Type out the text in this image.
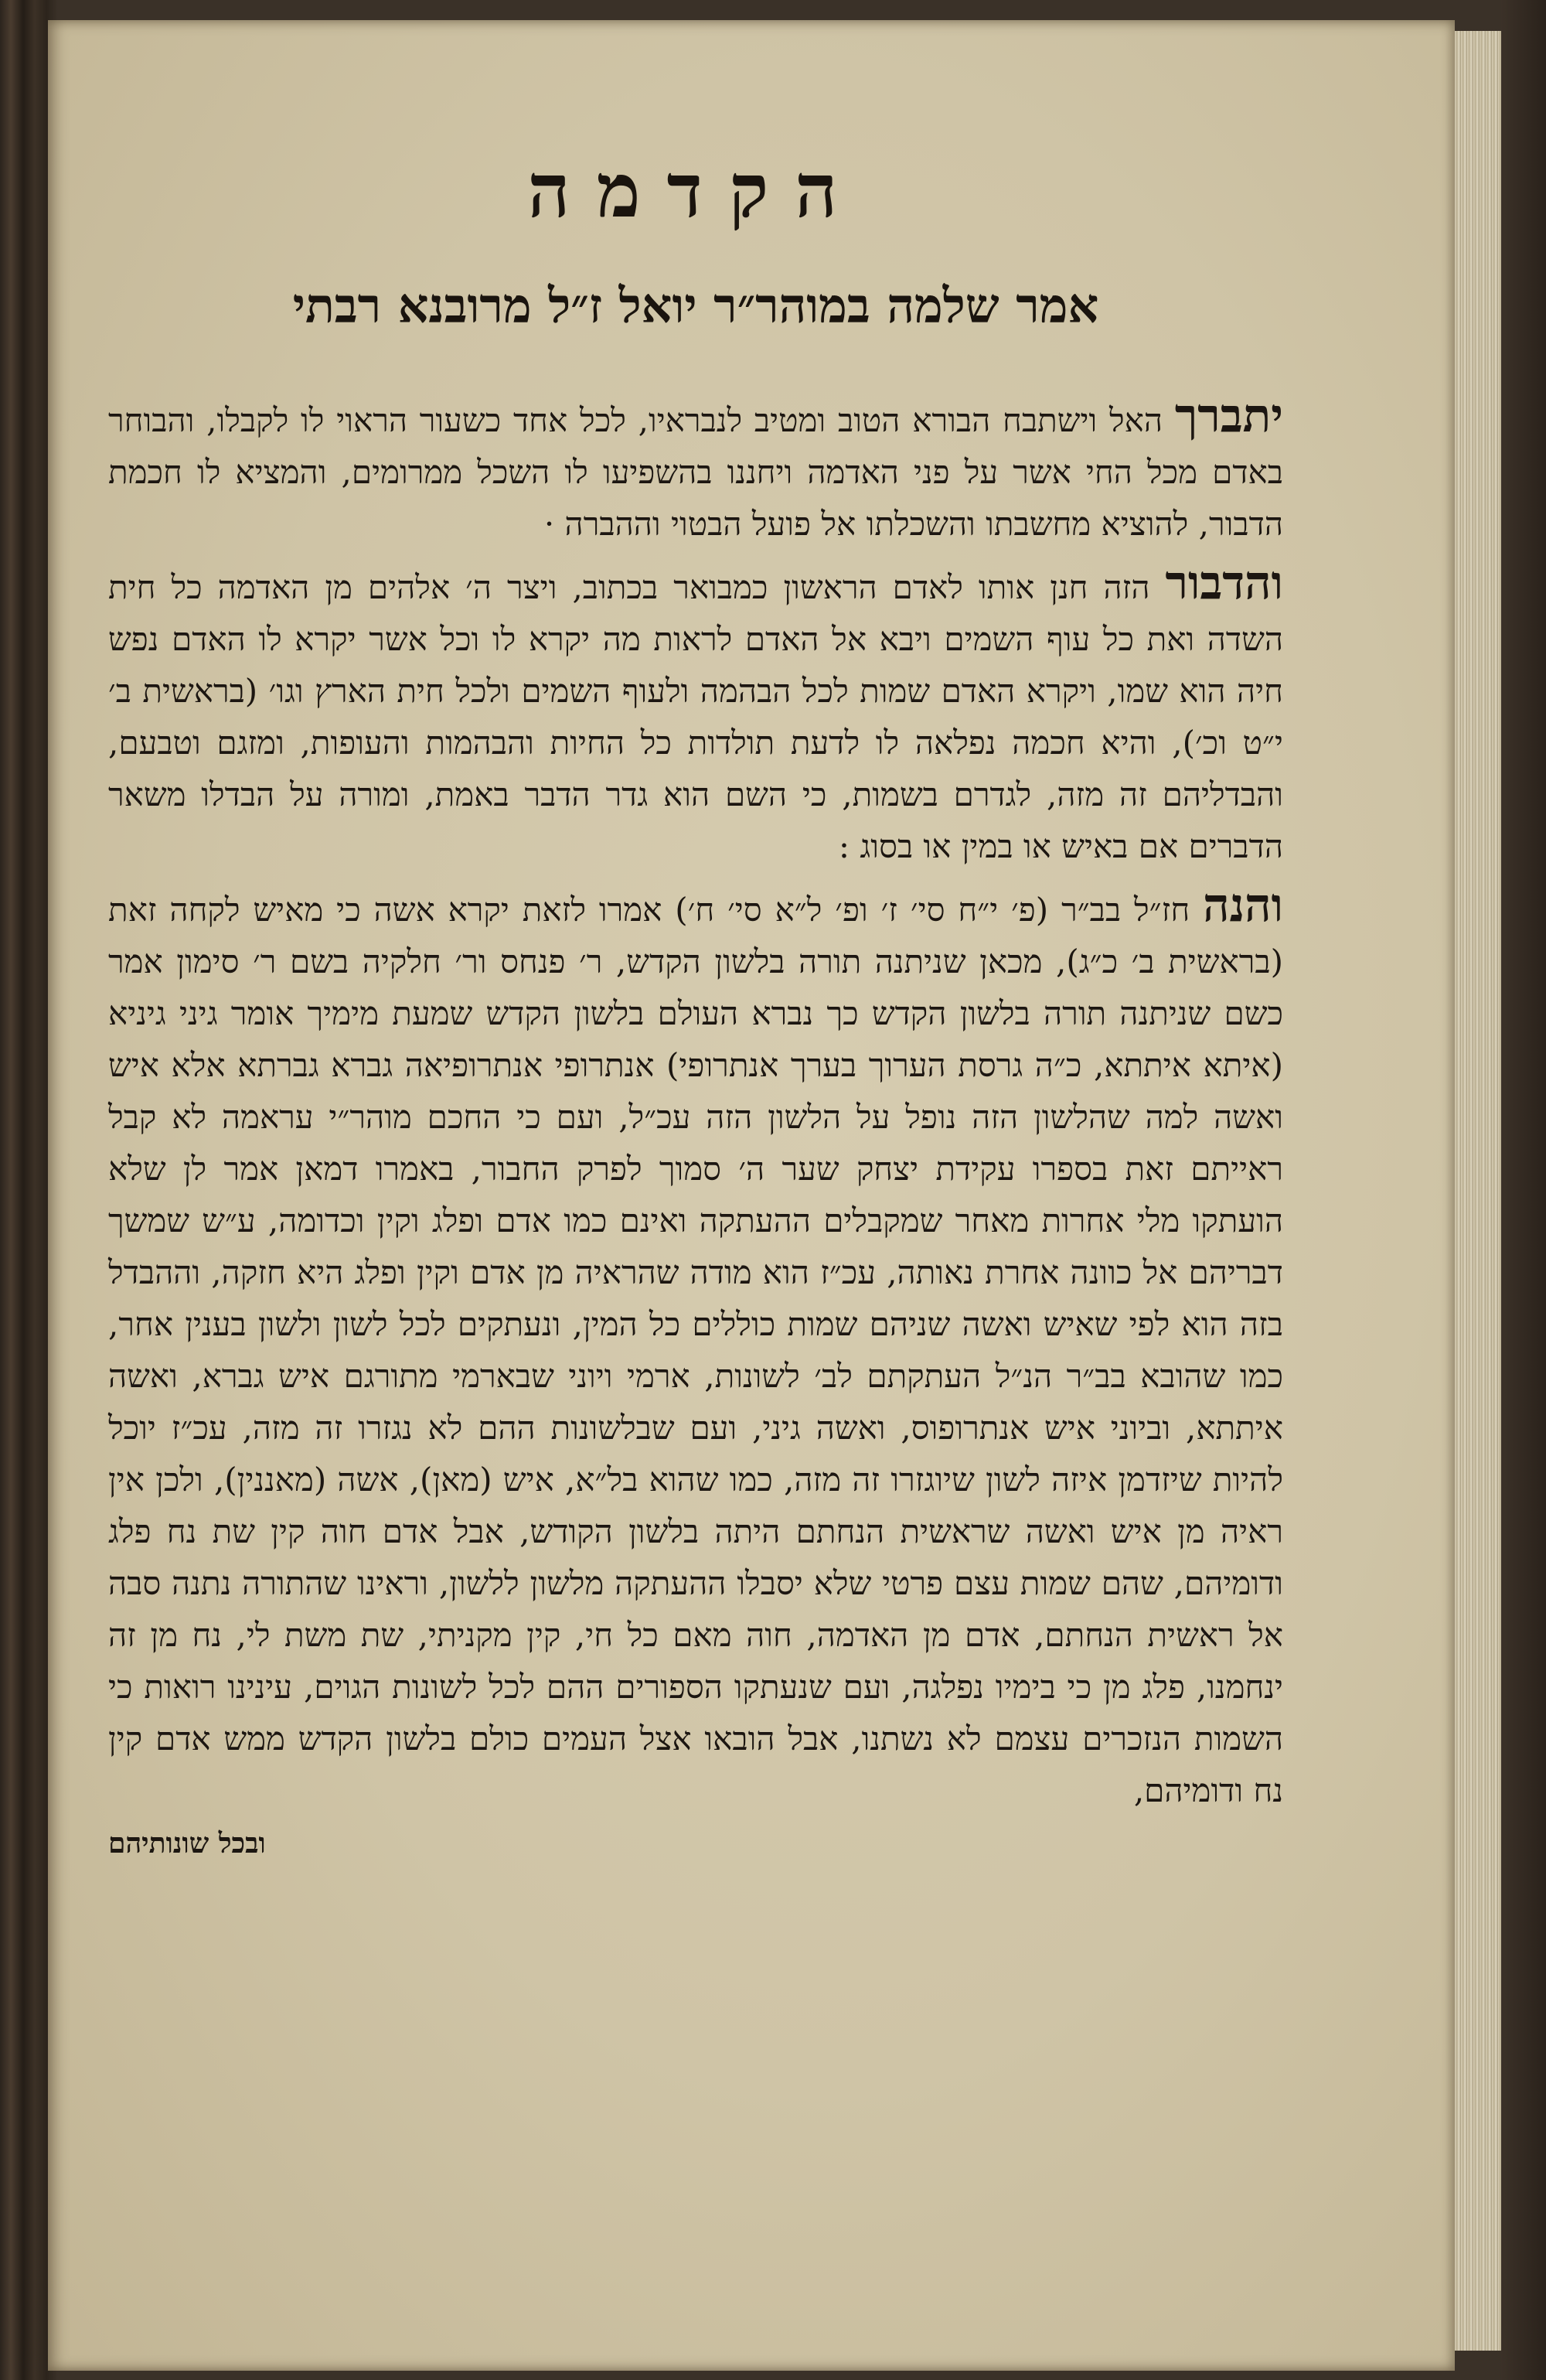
הקדמה
אמר שלמה במוהר״ר יואל ז״ל מרובנא רבתי

יתברך האל וישתבח הבורא הטוב ומטיב לנבראיו, לכל אחד כשעור הראוי לו לקבלו, והבוחר באדם מכל החי אשר על פני האדמה ויחננו בהשפיעו לו השכל ממרומים, והמציא לו חכמת הדבור, להוציא מחשבתו והשכלתו אל פועל הבטוי וההברה ·

והדבור הזה חנן אותו לאדם הראשון כמבואר בכתוב, ויצר ה׳ אלהים מן האדמה כל חית השדה ואת כל עוף השמים ויבא אל האדם לראות מה יקרא לו וכל אשר יקרא לו האדם נפש חיה הוא שמו, ויקרא האדם שמות לכל הבהמה ולעוף השמים ולכל חית הארץ וגו׳ (בראשית ב׳ י״ט וכ׳), והיא חכמה נפלאה לו לדעת תולדות כל החיות והבהמות והעופות, ומזגם וטבעם, והבדליהם זה מזה, לגדרם בשמות, כי השם הוא גדר הדבר באמת, ומורה על הבדלו משאר הדברים אם באיש או במין או בסוג :

והנה חז״ל בב״ר (פ׳ י״ח סי׳ ז׳ ופ׳ ל״א סי׳ ח׳) אמרו לזאת יקרא אשה כי מאיש לקחה זאת (בראשית ב׳ כ״ג), מכאן שניתנה תורה בלשון הקדש, ר׳ פנחס ור׳ חלקיה בשם ר׳ סימון אמר כשם שניתנה תורה בלשון הקדש כך נברא העולם בלשון הקדש שמעת מימיך אומר גיני גיניא (איתא איתתא, כ״ה גרסת הערוך בערך אנתרופי) אנתרופי אנתרופיאה גברא גברתא אלא איש ואשה למה שהלשון הזה נופל על הלשון הזה עכ״ל, ועם כי החכם מוהר״י עראמה לא קבל ראייתם זאת בספרו עקידת יצחק שער ה׳ סמוך לפרק החבור, באמרו דמאן אמר לן שלא הועתקו מלי אחרות מאחר שמקבלים ההעתקה ואינם כמו אדם ופלג וקין וכדומה, ע״ש שמשך דבריהם אל כוונה אחרת נאותה, עכ״ז הוא מודה שהראיה מן אדם וקין ופלג היא חזקה, וההבדל בזה הוא לפי שאיש ואשה שניהם שמות כוללים כל המין, ונעתקים לכל לשון ולשון בענין אחר, כמו שהובא בב״ר הנ״ל העתקתם לב׳ לשונות, ארמי ויוני שבארמי מתורגם איש גברא, ואשה איתתא, וביוני איש אנתרופוס, ואשה גיני, ועם שבלשונות ההם לא נגזרו זה מזה, עכ״ז יוכל להיות שיזדמן איזה לשון שיוגזרו זה מזה, כמו שהוא בל״א, איש (מאן), אשה (מאננין), ולכן אין ראיה מן איש ואשה שראשית הנחתם היתה בלשון הקודש, אבל אדם חוה קין שת נח פלג ודומיהם, שהם שמות עצם פרטי שלא יסבלו ההעתקה מלשון ללשון, וראינו שהתורה נתנה סבה אל ראשית הנחתם, אדם מן האדמה, חוה מאם כל חי, קין מקניתי, שת משת לי, נח מן זה ינחמנו, פלג מן כי בימיו נפלגה, ועם שנעתקו הספורים ההם לכל לשונות הגוים, עינינו רואות כי השמות הנזכרים עצמם לא נשתנו, אבל הובאו אצל העמים כולם בלשון הקדש ממש אדם קין נח ודומיהם,

ובכל שונותיהם
